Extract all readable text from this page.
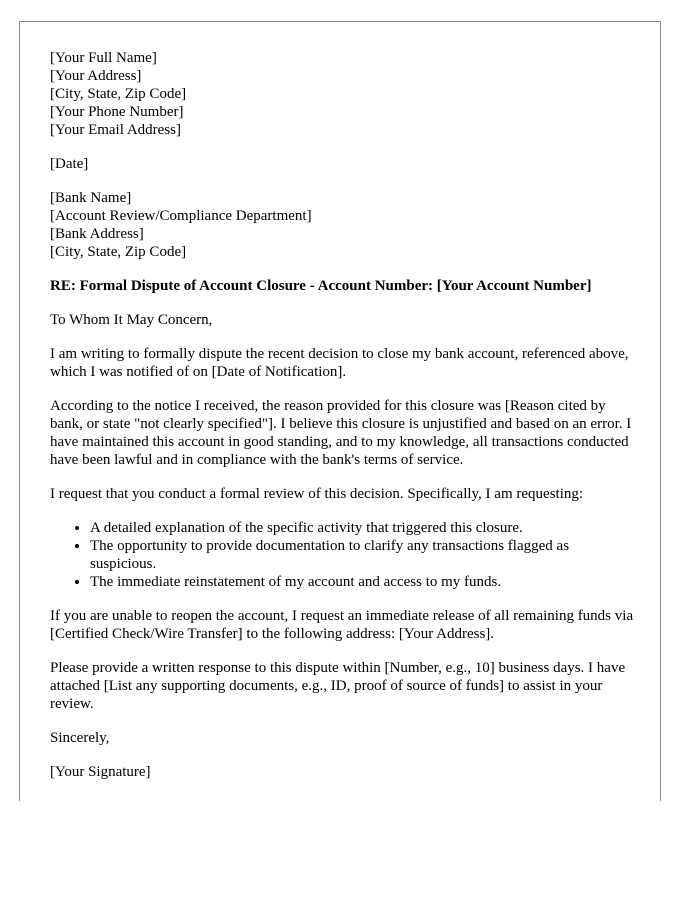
[Your Full Name]
[Your Address]
[City, State, Zip Code]
[Your Phone Number]
[Your Email Address]
[Date]
[Bank Name]
[Account Review/Compliance Department]
[Bank Address]
[City, State, Zip Code]
RE: Formal Dispute of Account Closure - Account Number: [Your Account Number]

To Whom It May Concern,

I am writing to formally dispute the recent decision to close my bank account, referenced above, which I was notified of on [Date of Notification].

According to the notice I received, the reason provided for this closure was [Reason cited by bank, or state "not clearly specified"]. I believe this closure is unjustified and based on an error. I have maintained this account in good standing, and to my knowledge, all transactions conducted have been lawful and in compliance with the bank's terms of service.

I request that you conduct a formal review of this decision. Specifically, I am requesting:

• A detailed explanation of the specific activity that triggered this closure.
• The opportunity to provide documentation to clarify any transactions flagged as suspicious.
• The immediate reinstatement of my account and access to my funds.

If you are unable to reopen the account, I request an immediate release of all remaining funds via [Certified Check/Wire Transfer] to the following address: [Your Address].

Please provide a written response to this dispute within [Number, e.g., 10] business days. I have attached [List any supporting documents, e.g., ID, proof of source of funds] to assist in your review.

Sincerely,

[Your Signature]
